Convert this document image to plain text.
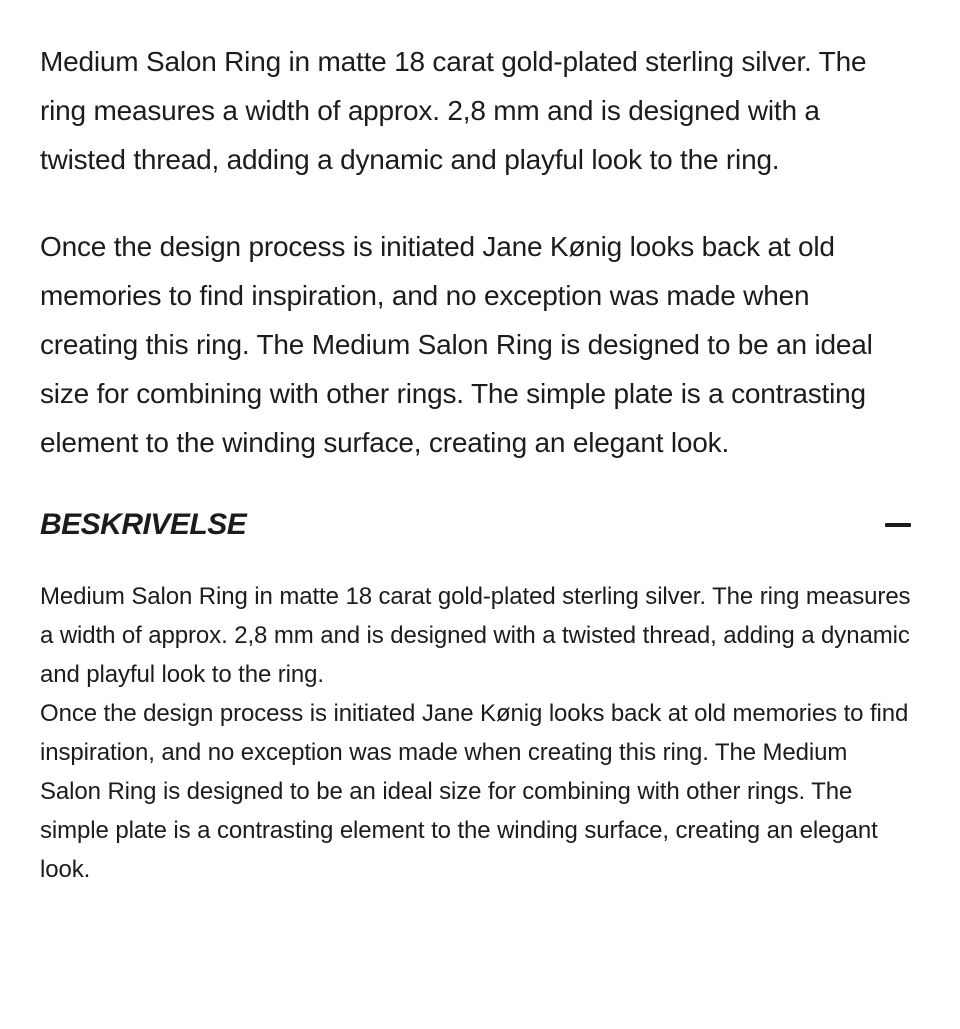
Medium Salon Ring in matte 18 carat gold-plated sterling silver. The ring measures a width of approx. 2,8 mm and is designed with a twisted thread, adding a dynamic and playful look to the ring.

Once the design process is initiated Jane Kønig looks back at old memories to find inspiration, and no exception was made when creating this ring. The Medium Salon Ring is designed to be an ideal size for combining with other rings. The simple plate is a contrasting element to the winding surface, creating an elegant look.

BESKRIVELSE

Medium Salon Ring in matte 18 carat gold-plated sterling silver. The ring measures a width of approx. 2,8 mm and is designed with a twisted thread, adding a dynamic and playful look to the ring.

Once the design process is initiated Jane Kønig looks back at old memories to find inspiration, and no exception was made when creating this ring. The Medium Salon Ring is designed to be an ideal size for combining with other rings. The simple plate is a contrasting element to the winding surface, creating an elegant look.
